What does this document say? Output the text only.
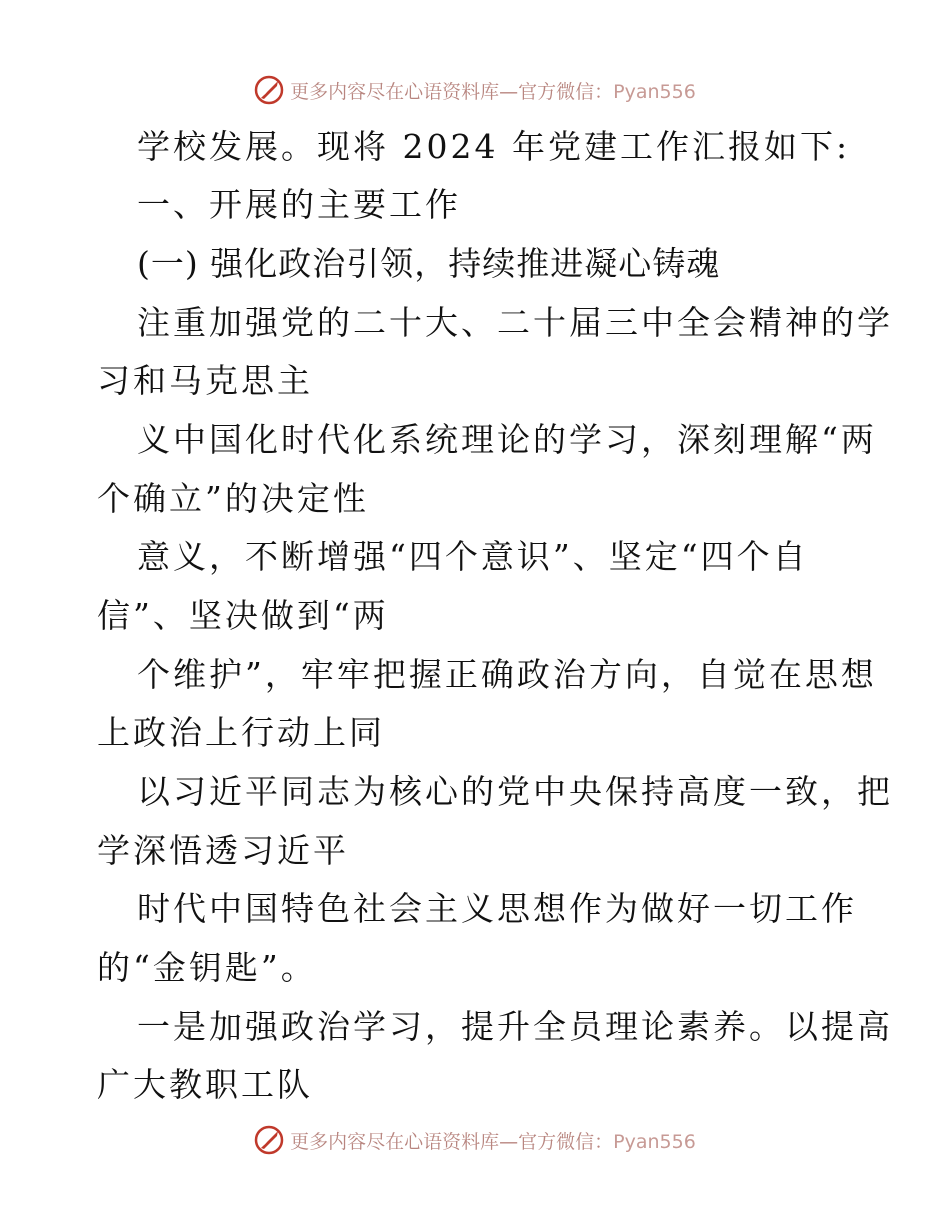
更多内容尽在心语资料库—官方微信：Pyan556
学校发展。现将 2024 年党建工作汇报如下:
一、开展的主要工作
(一) 强化政治引领，持续推进凝心铸魂
注重加强党的二十大、二十届三中全会精神的学
习和马克思主
义中国化时代化系统理论的学习，深刻理解“两
个确立”的决定性
意义，不断增强“四个意识”、坚定“四个自
信”、坚决做到“两
个维护”，牢牢把握正确政治方向，自觉在思想
上政治上行动上同
以习近平同志为核心的党中央保持高度一致，把
学深悟透习近平
时代中国特色社会主义思想作为做好一切工作
的“金钥匙”。
一是加强政治学习，提升全员理论素养。以提高
广大教职工队
更多内容尽在心语资料库—官方微信：Pyan556
